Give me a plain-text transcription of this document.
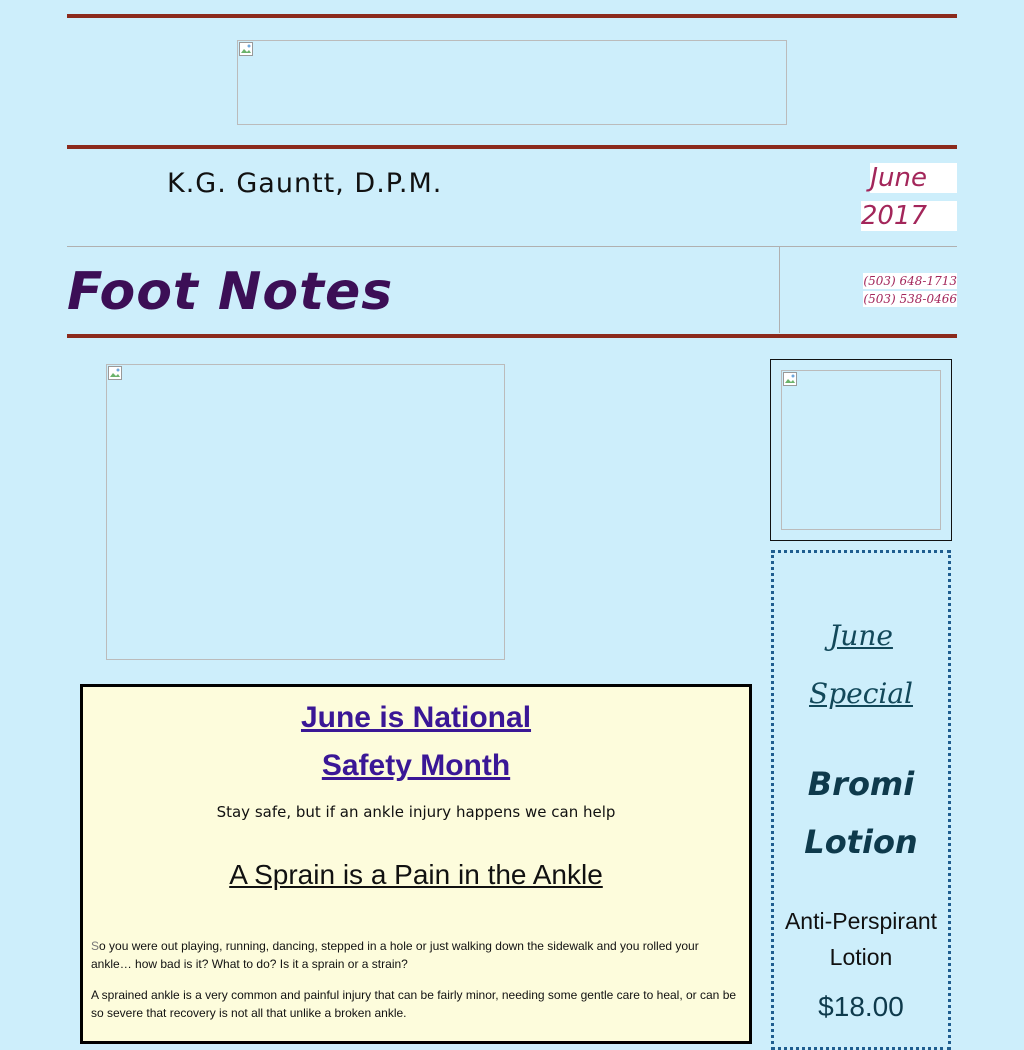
K.G. Gauntt, D.P.M.	June
2017
Foot Notes	(503) 648-1713
(503) 538-0466
June is National
Safety Month
Stay safe, but if an ankle injury happens we can help
A Sprain is a Pain in the Ankle

So you were out playing, running, dancing, stepped in a hole or just walking down the sidewalk and you rolled your ankle… how bad is it? What to do? Is it a sprain or a strain?

A sprained ankle is a very common and painful injury that can be fairly minor, needing some gentle care to heal, or can be so severe that recovery is not all that unlike a broken ankle.

June
Special
Bromi
Lotion
Anti-Perspirant
Lotion
$18.00
